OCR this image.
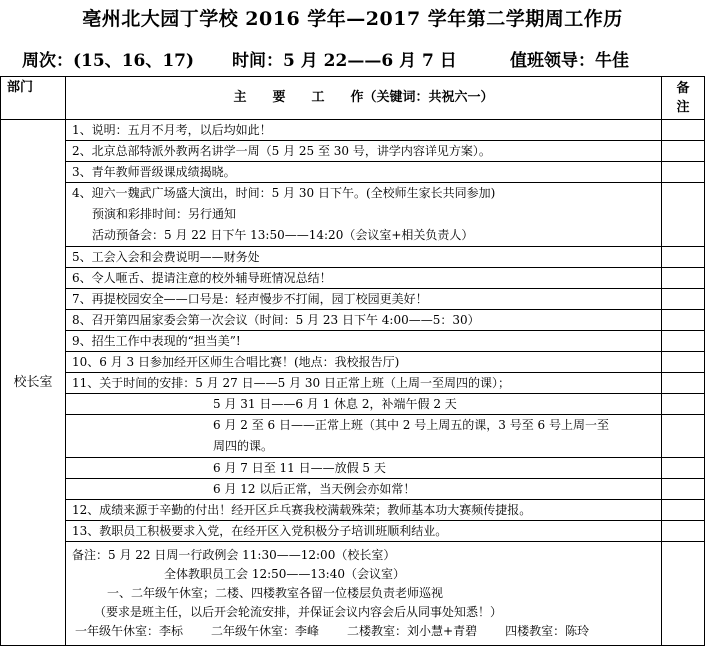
亳州北大园丁学校 2016 学年—2017 学年第二学期周工作历
周次：(15、16、17) 时间：5 月 22——6 月 7 日	值班领导：牛佳
部门	主　　要　　工　　作（关键词：共祝六一）	备注
校长室	1、说明：五月不月考，以后均如此！	
	2、北京总部特派外教两名讲学一周（5 月 25 至 30 号，讲学内容详见方案）。	
	3、青年教师晋级课成绩揭晓。	

	4、迎六一魏武广场盛大演出，时间：5 月 30 日下午。(全校师生家长共同参加)
预演和彩排时间：另行通知
活动预备会：5 月 22 日下午 13:50——14:20（会议室+相关负责人）	

	5、工会入会和会费说明——财务处	
	6、令人咂舌、提请注意的校外辅导班情况总结！	
	7、再提校园安全——口号是：轻声慢步不打闹，园丁校园更美好！	
	8、召开第四届家委会第一次会议（时间：5 月 23 日下午 4:00——5：30）	
	9、招生工作中表现的“担当美”!	
	10、6 月 3 日参加经开区师生合唱比赛！(地点：我校报告厅)	
	11、关于时间的安排：5 月 27 日——5 月 30 日正常上班（上周一至周四的课）；	
	5 月 31 日——6 月 1 休息 2，补端午假 2 天	

	6 月 2 至 6 日——正常上班（其中 2 号上周五的课，3 号至 6 号上周一至
周四的课。	

	6 月 7 日至 11 日——放假 5 天	
	6 月 12 以后正常，当天例会亦如常！	
	12、成绩来源于辛勤的付出！经开区乒乓赛我校满载殊荣；教师基本功大赛频传捷报。	
	13、教职员工积极要求入党，在经开区入党积极分子培训班顺利结业。	

	备注：5 月 22 日周一行政例会 11:30——12:00（校长室）
全体教职员工会 12:50——13:40（会议室）
一、二年级午休室；二楼、四楼教室各留一位楼层负责老师巡视
（要求是班主任，以后开会轮流安排，并保证会议内容会后从同事处知悉！）
一年级午休室：李标 二年级午休室：李峰 二楼教室：刘小慧+青碧 四楼教室：陈玲	
